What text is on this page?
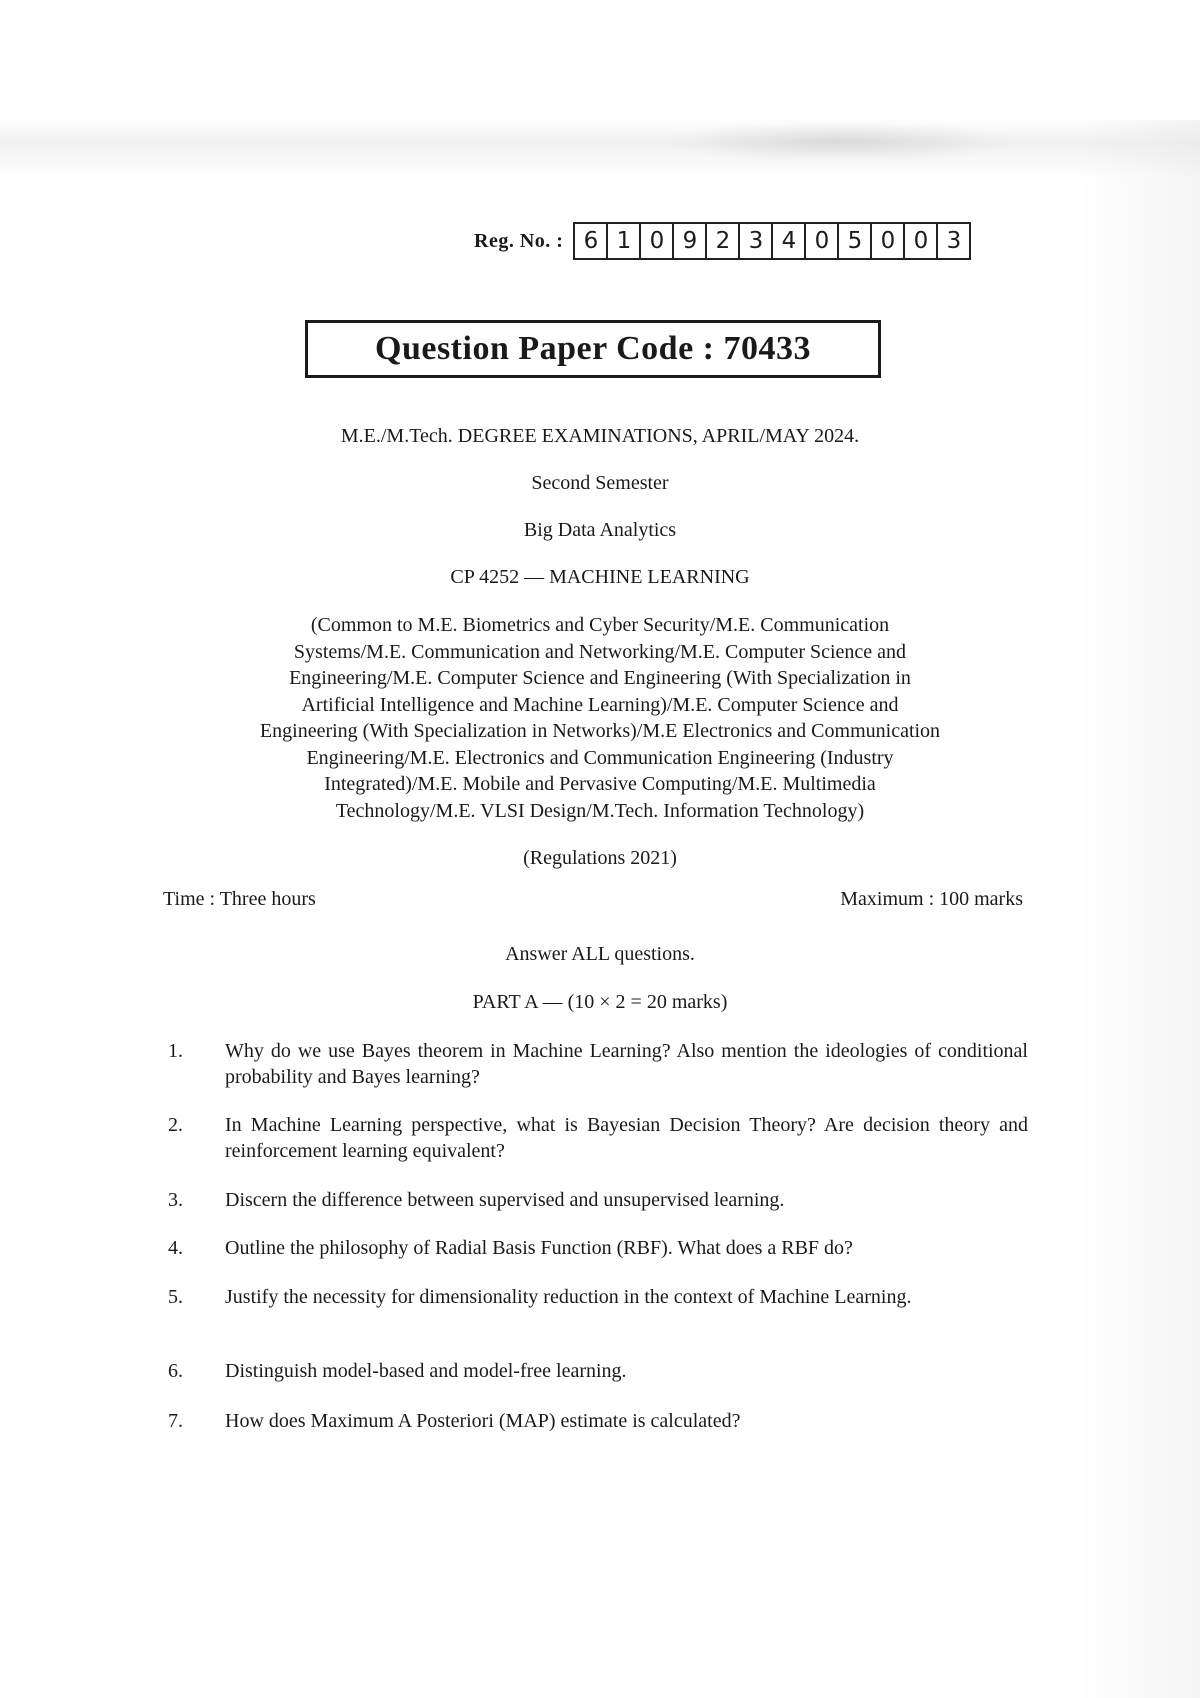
Reg. No. : 6 1 0 9 2 3 4 0 5 0 0 3
Question Paper Code : 70433
M.E./M.Tech. DEGREE EXAMINATIONS, APRIL/MAY 2024.
Second Semester
Big Data Analytics
CP 4252 — MACHINE LEARNING
(Common to M.E. Biometrics and Cyber Security/M.E. Communication
Systems/M.E. Communication and Networking/M.E. Computer Science and
Engineering/M.E. Computer Science and Engineering (With Specialization in
Artificial Intelligence and Machine Learning)/M.E. Computer Science and
Engineering (With Specialization in Networks)/M.E Electronics and Communication
Engineering/M.E. Electronics and Communication Engineering (Industry
Integrated)/M.E. Mobile and Pervasive Computing/M.E. Multimedia
Technology/M.E. VLSI Design/M.Tech. Information Technology)
(Regulations 2021)
Time : Three hours	Maximum : 100 marks
Answer ALL questions.
PART A — (10 × 2 = 20 marks)
1.	Why do we use Bayes theorem in Machine Learning? Also mention the ideologies of conditional probability and Bayes learning?
2.	In Machine Learning perspective, what is Bayesian Decision Theory? Are decision theory and reinforcement learning equivalent?
3.	Discern the difference between supervised and unsupervised learning.
4.	Outline the philosophy of Radial Basis Function (RBF). What does a RBF do?
5.	Justify the necessity for dimensionality reduction in the context of Machine Learning.
6.	Distinguish model-based and model-free learning.
7.	How does Maximum A Posteriori (MAP) estimate is calculated?
